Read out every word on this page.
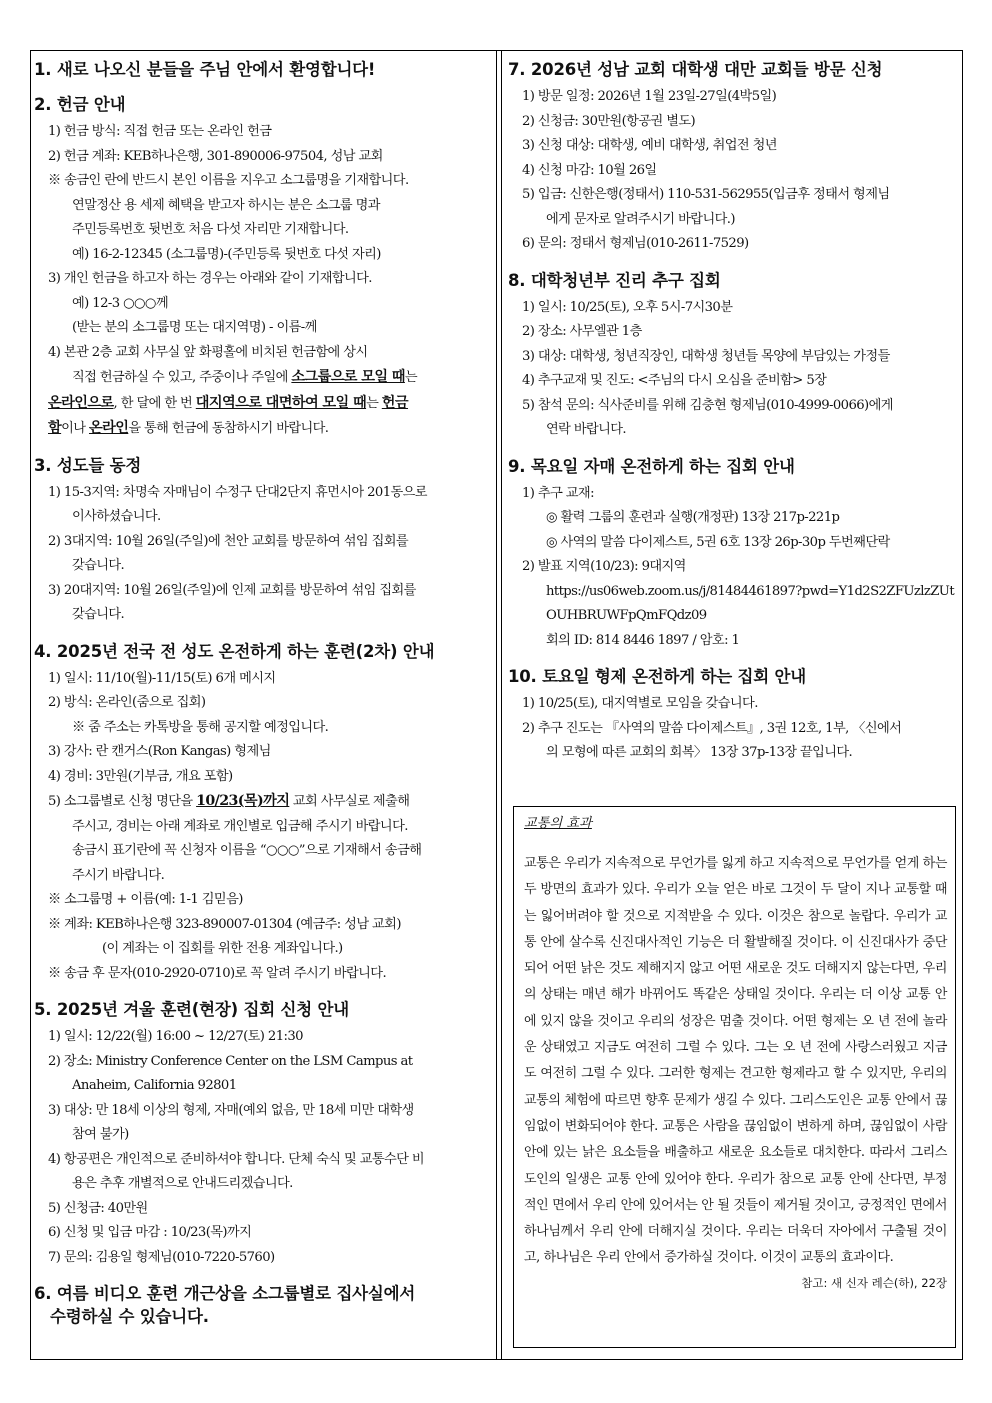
1. 새로 나오신 분들을 주님 안에서 환영합니다!
2. 헌금 안내
1) 헌금 방식: 직접 헌금 또는 온라인 헌금
2) 헌금 계좌: KEB하나은행, 301-890006-97504, 성남 교회
※ 송금인 란에 반드시 본인 이름을 지우고 소그룹명을 기재합니다.
연말정산 용 세제 혜택을 받고자 하시는 분은 소그룹 명과
주민등록번호 뒷번호 처음 다섯 자리만 기재합니다.
예) 16-2-12345 (소그룹명)-(주민등록 뒷번호 다섯 자리)
3) 개인 헌금을 하고자 하는 경우는 아래와 같이 기재합니다.
예) 12-3 ○○○께
(받는 분의 소그룹명 또는 대지역명) - 이름-께
4) 본관 2층 교회 사무실 앞 화평홀에 비치된 헌금함에 상시
직접 헌금하실 수 있고, 주중이나 주일에 소그룹으로 모일 때는
온라인으로, 한 달에 한 번 대지역으로 대면하여 모일 때는 헌금
함이나 온라인을 통해 헌금에 동참하시기 바랍니다.
3. 성도들 동정
1) 15-3지역: 차명숙 자매님이 수정구 단대2단지 휴먼시아 201동으로
이사하셨습니다.
2) 3대지역: 10월 26일(주일)에 천안 교회를 방문하여 섞임 집회를
갖습니다.
3) 20대지역: 10월 26일(주일)에 인제 교회를 방문하여 섞임 집회를
갖습니다.
4. 2025년 전국 전 성도 온전하게 하는 훈련(2차) 안내
1) 일시: 11/10(월)-11/15(토) 6개 메시지
2) 방식: 온라인(줌으로 집회)
※ 줌 주소는 카톡방을 통해 공지할 예정입니다.
3) 강사: 란 캔거스(Ron Kangas) 형제님
4) 경비: 3만원(기부금, 개요 포함)
5) 소그룹별로 신청 명단을 10/23(목)까지 교회 사무실로 제출해
주시고, 경비는 아래 계좌로 개인별로 입금해 주시기 바랍니다.
송금시 표기란에 꼭 신청자 이름을 “○○○”으로 기재해서 송금해
주시기 바랍니다.
※ 소그룹명 + 이름(예: 1-1 김믿음)
※ 계좌: KEB하나은행 323-890007-01304 (예금주: 성남 교회)
(이 계좌는 이 집회를 위한 전용 계좌입니다.)
※ 송금 후 문자(010-2920-0710)로 꼭 알려 주시기 바랍니다.
5. 2025년 겨울 훈련(현장) 집회 신청 안내
1) 일시: 12/22(월) 16:00 ~ 12/27(토) 21:30
2) 장소: Ministry Conference Center on the LSM Campus at
Anaheim, California 92801
3) 대상: 만 18세 이상의 형제, 자매(예외 없음, 만 18세 미만 대학생
참여 불가)
4) 항공편은 개인적으로 준비하셔야 합니다. 단체 숙식 및 교통수단 비
용은 추후 개별적으로 안내드리겠습니다.
5) 신청금: 40만원
6) 신청 및 입금 마감 : 10/23(목)까지
7) 문의: 김용일 형제님(010-7220-5760)
6. 여름 비디오 훈련 개근상을 소그룹별로 집사실에서
수령하실 수 있습니다.
7. 2026년 성남 교회 대학생 대만 교회들 방문 신청
1) 방문 일정: 2026년 1월 23일-27일(4박5일)
2) 신청금: 30만원(항공권 별도)
3) 신청 대상: 대학생, 예비 대학생, 취업전 청년
4) 신청 마감: 10월 26일
5) 입금: 신한은행(정태서) 110-531-562955(입금후 정태서 형제님
에게 문자로 알려주시기 바랍니다.)
6) 문의: 정태서 형제님(010-2611-7529)
8. 대학청년부 진리 추구 집회
1) 일시: 10/25(토), 오후 5시-7시30분
2) 장소: 사무엘관 1층
3) 대상: 대학생, 청년직장인, 대학생 청년들 목양에 부담있는 가정들
4) 추구교재 및 진도: <주님의 다시 오심을 준비함> 5장
5) 참석 문의: 식사준비를 위해 김충현 형제님(010-4999-0066)에게
연락 바랍니다.
9. 목요일 자매 온전하게 하는 집회 안내
1) 추구 교재:
◎ 활력 그룹의 훈련과 실행(개정판) 13장 217p-221p
◎ 사역의 말씀 다이제스트, 5권 6호 13장 26p-30p 두번째단락
2) 발표 지역(10/23): 9대지역
https://us06web.zoom.us/j/81484461897?pwd=Y1d2S2ZFUzlzZUtOUHBRUWFpQmFQdz09
회의 ID: 814 8446 1897 / 암호: 1
10. 토요일 형제 온전하게 하는 집회 안내
1) 10/25(토), 대지역별로 모임을 갖습니다.
2) 추구 진도는 『사역의 말씀 다이제스트』, 3권 12호, 1부, 〈신에서
의 모형에 따른 교회의 회복〉 13장 37p-13장 끝입니다.
교통의 효과
교통은 우리가 지속적으로 무언가를 잃게 하고 지속적으로 무언가를 얻게 하는 두 방면의 효과가 있다. 우리가 오늘 얻은 바로 그것이 두 달이 지나 교통할 때는 잃어버려야 할 것으로 지적받을 수 있다. 이것은 참으로 놀랍다. 우리가 교통 안에 살수록 신진대사적인 기능은 더 활발해질 것이다. 이 신진대사가 중단되어 어떤 낡은 것도 제해지지 않고 어떤 새로운 것도 더해지지 않는다면, 우리의 상태는 매년 해가 바뀌어도 똑같은 상태일 것이다. 우리는 더 이상 교통 안에 있지 않을 것이고 우리의 성장은 멈출 것이다. 어떤 형제는 오 년 전에 놀라운 상태였고 지금도 여전히 그럴 수 있다. 그는 오 년 전에 사랑스러웠고 지금도 여전히 그럴 수 있다. 그러한 형제는 견고한 형제라고 할 수 있지만, 우리의 교통의 체험에 따르면 향후 문제가 생길 수 있다. 그리스도인은 교통 안에서 끊임없이 변화되어야 한다. 교통은 사람을 끊임없이 변하게 하며, 끊임없이 사람 안에 있는 낡은 요소들을 배출하고 새로운 요소들로 대치한다. 따라서 그리스도인의 일생은 교통 안에 있어야 한다. 우리가 참으로 교통 안에 산다면, 부정적인 면에서 우리 안에 있어서는 안 될 것들이 제거될 것이고, 긍정적인 면에서 하나님께서 우리 안에 더해지실 것이다. 우리는 더욱더 자아에서 구출될 것이고, 하나님은 우리 안에서 증가하실 것이다. 이것이 교통의 효과이다.
참고: 새 신자 레슨(하), 22장
